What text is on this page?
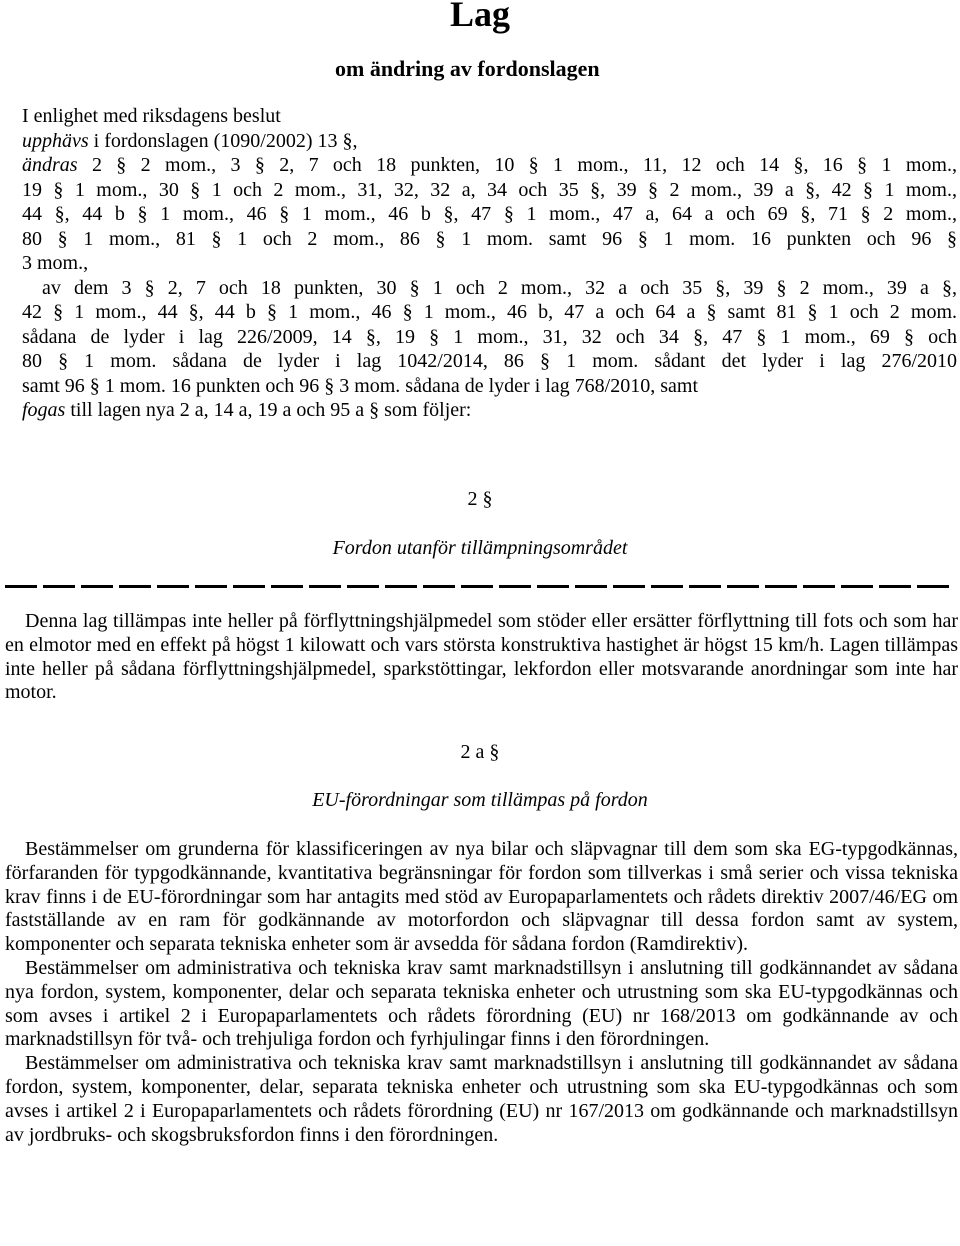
Lag
om ändring av fordonslagen
I enlighet med riksdagens beslut
upphävs i fordonslagen (1090/2002) 13 §,
ändras 2 § 2 mom., 3 § 2, 7 och 18 punkten, 10 § 1 mom., 11, 12 och 14 §, 16 § 1 mom.,
19 § 1 mom., 30 § 1 och 2 mom., 31, 32, 32 a, 34 och 35 §, 39 § 2 mom., 39 a §, 42 § 1 mom.,
44 §, 44 b § 1 mom., 46 § 1 mom., 46 b §, 47 § 1 mom., 47 a, 64 a och 69 §, 71 § 2 mom.,
80 § 1 mom., 81 § 1 och 2 mom., 86 § 1 mom. samt 96 § 1 mom. 16 punkten och 96 §
3 mom.,
av dem 3 § 2, 7 och 18 punkten, 30 § 1 och 2 mom., 32 a och 35 §, 39 § 2 mom., 39 a §,
42 § 1 mom., 44 §, 44 b § 1 mom., 46 § 1 mom., 46 b, 47 a och 64 a § samt 81 § 1 och 2 mom.
sådana de lyder i lag 226/2009, 14 §, 19 § 1 mom., 31, 32 och 34 §, 47 § 1 mom., 69 § och
80 § 1 mom. sådana de lyder i lag 1042/2014, 86 § 1 mom. sådant det lyder i lag 276/2010
samt 96 § 1 mom. 16 punkten och 96 § 3 mom. sådana de lyder i lag 768/2010, samt
fogas till lagen nya 2 a, 14 a, 19 a och 95 a § som följer:
2 §
Fordon utanför tillämpningsområdet

Denna lag tillämpas inte heller på förflyttningshjälpmedel som stöder eller ersätter förflyttning till fots och som har en elmotor med en effekt på högst 1 kilowatt och vars största konstruktiva hastighet är högst 15 km/h. Lagen tillämpas inte heller på sådana förflyttningshjälpmedel, sparkstöttingar, lekfordon eller motsvarande anordningar som inte har motor.

2 a §
EU-förordningar som tillämpas på fordon

Bestämmelser om grunderna för klassificeringen av nya bilar och släpvagnar till dem som ska EG-typgodkännas, förfaranden för typgodkännande, kvantitativa begränsningar för fordon som tillverkas i små serier och vissa tekniska krav finns i de EU-förordningar som har antagits med stöd av Europaparlamentets och rådets direktiv 2007/46/EG om fastställande av en ram för godkännande av motorfordon och släpvagnar till dessa fordon samt av system, komponenter och separata tekniska enheter som är avsedda för sådana fordon (Ramdirektiv).

Bestämmelser om administrativa och tekniska krav samt marknadstillsyn i anslutning till godkännandet av sådana nya fordon, system, komponenter, delar och separata tekniska enheter och utrustning som ska EU-typgodkännas och som avses i artikel 2 i Europaparlamentets och rådets förordning (EU) nr 168/2013 om godkännande av och marknadstillsyn för två- och trehjuliga fordon och fyrhjulingar finns i den förordningen.

Bestämmelser om administrativa och tekniska krav samt marknadstillsyn i anslutning till godkännandet av sådana fordon, system, komponenter, delar, separata tekniska enheter och utrustning som ska EU-typgodkännas och som avses i artikel 2 i Europaparlamentets och rådets förordning (EU) nr 167/2013 om godkännande och marknadstillsyn av jordbruks- och skogsbruksfordon finns i den förordningen.
